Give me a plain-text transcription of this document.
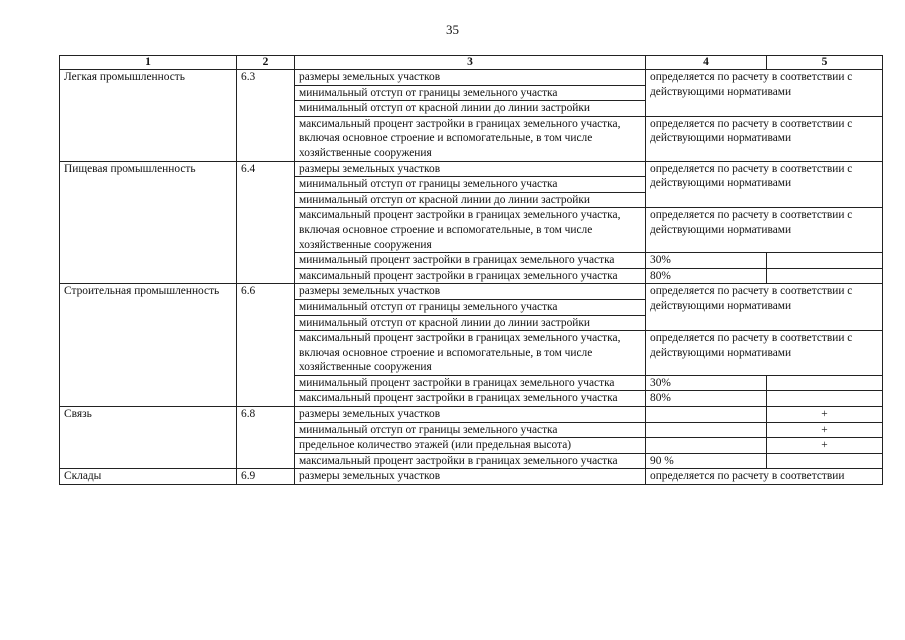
35
1	2	3	4	5
Легкая промышленность	6.3	размеры земельных участков	определяется по расчету в соответствии с действующими нормативами	
		минимальный отступ от границы земельного участка		
		минимальный отступ от красной линии до линии застройки		
		максимальный процент застройки в границах земельного участка, включая основное строение и вспомогательные, в том числе хозяйственные сооружения	определяется по расчету в соответствии с действующими нормативами	
Пищевая промышленность	6.4	размеры земельных участков	определяется по расчету в соответствии с действующими нормативами	
		минимальный отступ от границы земельного участка		
		минимальный отступ от красной линии до линии застройки		
		максимальный процент застройки в границах земельного участка, включая основное строение и вспомогательные, в том числе хозяйственные сооружения	определяется по расчету в соответствии с действующими нормативами	
		минимальный процент застройки в границах земельного участка	30%	
		максимальный процент застройки в границах земельного участка	80%	
Строительная промышленность	6.6	размеры земельных участков	определяется по расчету в соответствии с действующими нормативами	
		минимальный отступ от границы земельного участка		
		минимальный отступ от красной линии до линии застройки		
		максимальный процент застройки в границах земельного участка, включая основное строение и вспомогательные, в том числе хозяйственные сооружения	определяется по расчету в соответствии с действующими нормативами	
		минимальный процент застройки в границах земельного участка	30%	
		максимальный процент застройки в границах земельного участка	80%	
Связь	6.8	размеры земельных участков		+
		минимальный отступ от границы земельного участка		+
		предельное количество этажей (или предельная высота)		+
		максимальный процент застройки в границах земельного участка	90 %	
Склады	6.9	размеры земельных участков	определяется по расчету в соответствии	
